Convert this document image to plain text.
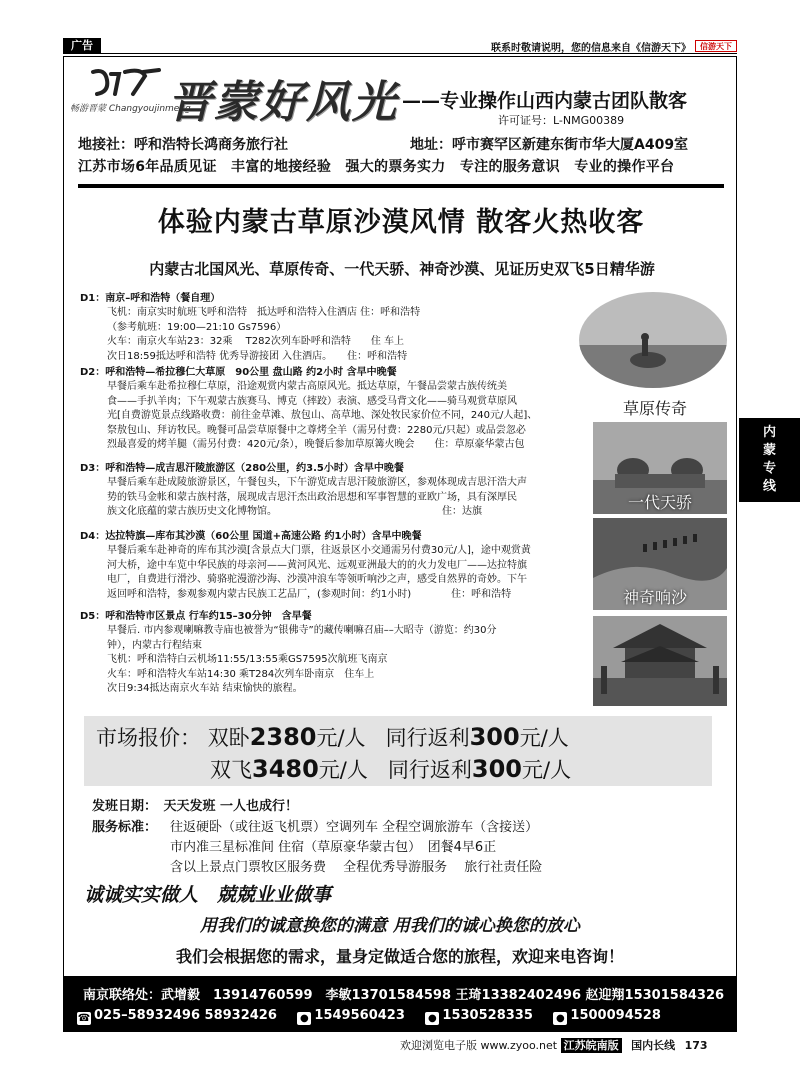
广告	联系时敬请说明，您的信息来自《信游天下》	信游天下
畅游晋蒙 Changyoujinmeng
晋蒙好风光 ——专业操作山西内蒙古团队散客
许可证号：L-NMG00389
地接社：呼和浩特长鸿商务旅行社	地址：呼市赛罕区新建东街市华大厦A409室
江苏市场6年品质见证　丰富的地接经验　强大的票务实力　专注的服务意识　专业的操作平台
体验内蒙古草原沙漠风情 散客火热收客
内蒙古北国风光、草原传奇、一代天骄、神奇沙漠、见证历史双飞5日精华游

D1：南京–呼和浩特（餐自理）

飞机：南京实时航班飞呼和浩特　抵达呼和浩特入住酒店 住：呼和浩特

（参考航班：19:00—21:10 Gs7596）

火车：南京火车站23：32乘　 T282次列车卧呼和浩特　　住 车上

次日18:59抵达呼和浩特 优秀导游接团 入住酒店。　　住：呼和浩特

D2：呼和浩特—希拉穆仁大草原　90公里 盘山路 约2小时 含早中晚餐

早餐后乘车赴希拉穆仁草原，沿途观赏内蒙古高原风光。抵达草原，午餐品尝蒙古族传统美

食——手扒羊肉；下午观蒙古族赛马、博克（摔跤）表演、感受马背文化——骑马观赏草原风

光[自费游览景点线路收费：前往金草滩、敖包山、高草地、深处牧民家价位不同，240元/人起]、

祭敖包山、拜访牧民。晚餐可品尝草原餐中之尊烤全羊（需另付费：2280元/只起）或品尝忽必

烈最喜爱的烤羊腿（需另付费：420元/条），晚餐后参加草原篝火晚会　　住：草原豪华蒙古包

D3：呼和浩特—成吉思汗陵旅游区（280公里，约3.5小时）含早中晚餐

早餐后乘车赴成陵旅游景区，午餐包头，下午游览成吉思汗陵旅游区，参观体现成吉思汗浩大声

势的铁马金帐和蒙古族村落，展现成吉思汗杰出政治思想和军事智慧的亚欧广场，具有深厚民

族文化底蕴的蒙古族历史文化博物馆。　　　　　　　　　　　　　　　　　住：达旗

D4：达拉特旗—库布其沙漠（60公里 国道+高速公路 约1小时）含早中晚餐

早餐后乘车赴神奇的库布其沙漠[含景点大门票，往返景区小交通需另付费30元/人]，途中观赏黄

河大桥，途中车览中华民族的母亲河——黄河风光、远观亚洲最大的的火力发电厂——达拉特旗

电厂，自费进行滑沙、骑骆驼漫游沙海、沙漠冲浪车等领听响沙之声，感受自然界的奇妙。下午

返回呼和浩特，参观参观内蒙古民族工艺品厂，(参观时间：约1小时)　　　　住：呼和浩特

D5：呼和浩特市区景点 行车约15–30分钟　含早餐

早餐后. 市内参观喇嘛教寺庙也被誉为“银佛寺”的藏传喇嘛召庙––大昭寺（游览：约30分

钟），内蒙古行程结束

飞机：呼和浩特白云机场11:55/13:55乘GS7595次航班飞南京

火车：呼和浩特火车站14:30 乘T284次列车卧南京　住车上

次日9:34抵达南京火车站 结束愉快的旅程。

草原传奇
一代天骄
神奇响沙
市场报价： 双卧2380元/人 同行返利300元/人
双飞3480元/人 同行返利300元/人
发班日期：　天天发班 一人也成行！
服务标准： 往返硬卧（或往返飞机票）空调列车 全程空调旅游车（含接送）
市内准三星标准间 住宿（草原豪华蒙古包）　团餐4早6正
含以上景点门票牧区服务费　 全程优秀导游服务　 旅行社责任险
诚诚实实做人　兢兢业业做事
用我们的诚意换您的满意 用我们的诚心换您的放心
我们会根据您的需求，量身定做适合您的旅程，欢迎来电咨询！
南京联络处：武增毅　13914760599　李敏13701584598 王琦13382402496 赵迎翔15301584326
☎ 025–58932496 58932426 ● 1549560423 ● 1530528335 ● 1500094528
欢迎浏览电子版 www.zyoo.net 江苏皖南版 国内长线 173
内蒙专线
